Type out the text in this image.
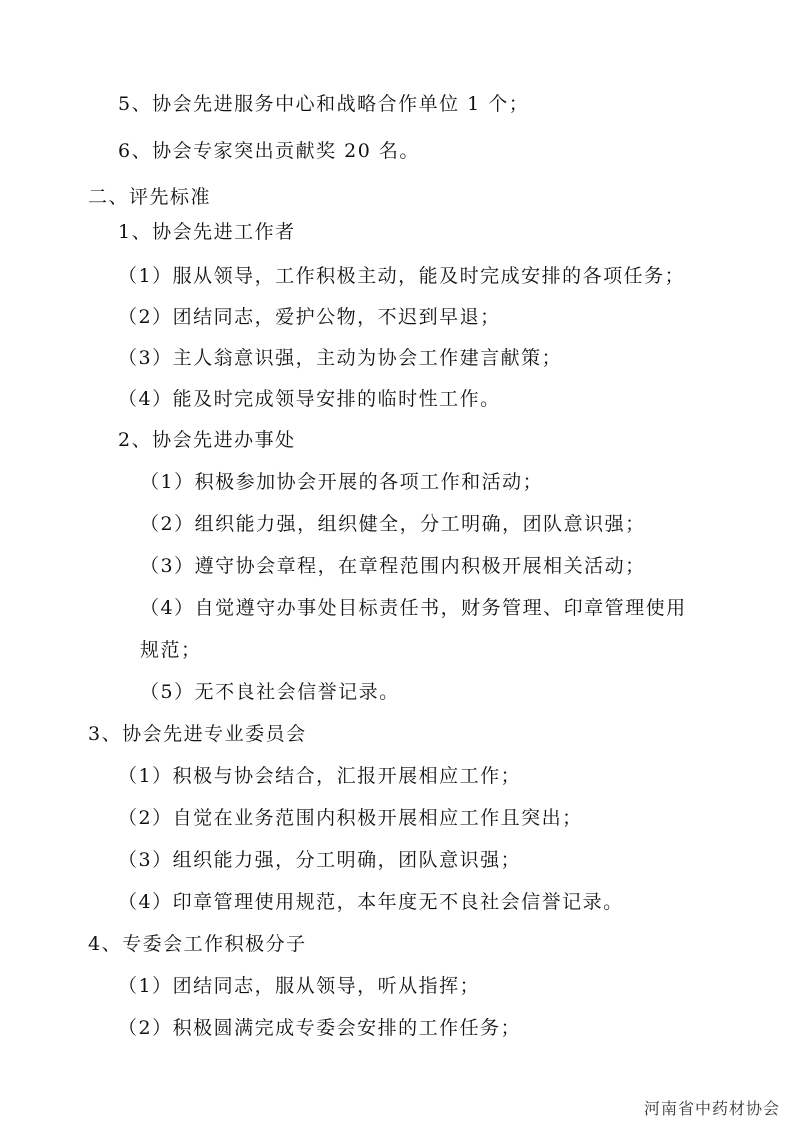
5、协会先进服务中心和战略合作单位 1 个；
6、协会专家突出贡献奖 20 名。
二、评先标准
1、协会先进工作者
（1）服从领导，工作积极主动，能及时完成安排的各项任务；
（2）团结同志，爱护公物，不迟到早退；
（3）主人翁意识强，主动为协会工作建言献策；
（4）能及时完成领导安排的临时性工作。
2、协会先进办事处
（1）积极参加协会开展的各项工作和活动；
（2）组织能力强，组织健全，分工明确，团队意识强；
（3）遵守协会章程，在章程范围内积极开展相关活动；
（4）自觉遵守办事处目标责任书，财务管理、印章管理使用
规范；
（5）无不良社会信誉记录。
3、协会先进专业委员会
（1）积极与协会结合，汇报开展相应工作；
（2）自觉在业务范围内积极开展相应工作且突出；
（3）组织能力强，分工明确，团队意识强；
（4）印章管理使用规范，本年度无不良社会信誉记录。
4、专委会工作积极分子
（1）团结同志，服从领导，听从指挥；
（2）积极圆满完成专委会安排的工作任务；
河南省中药材协会
